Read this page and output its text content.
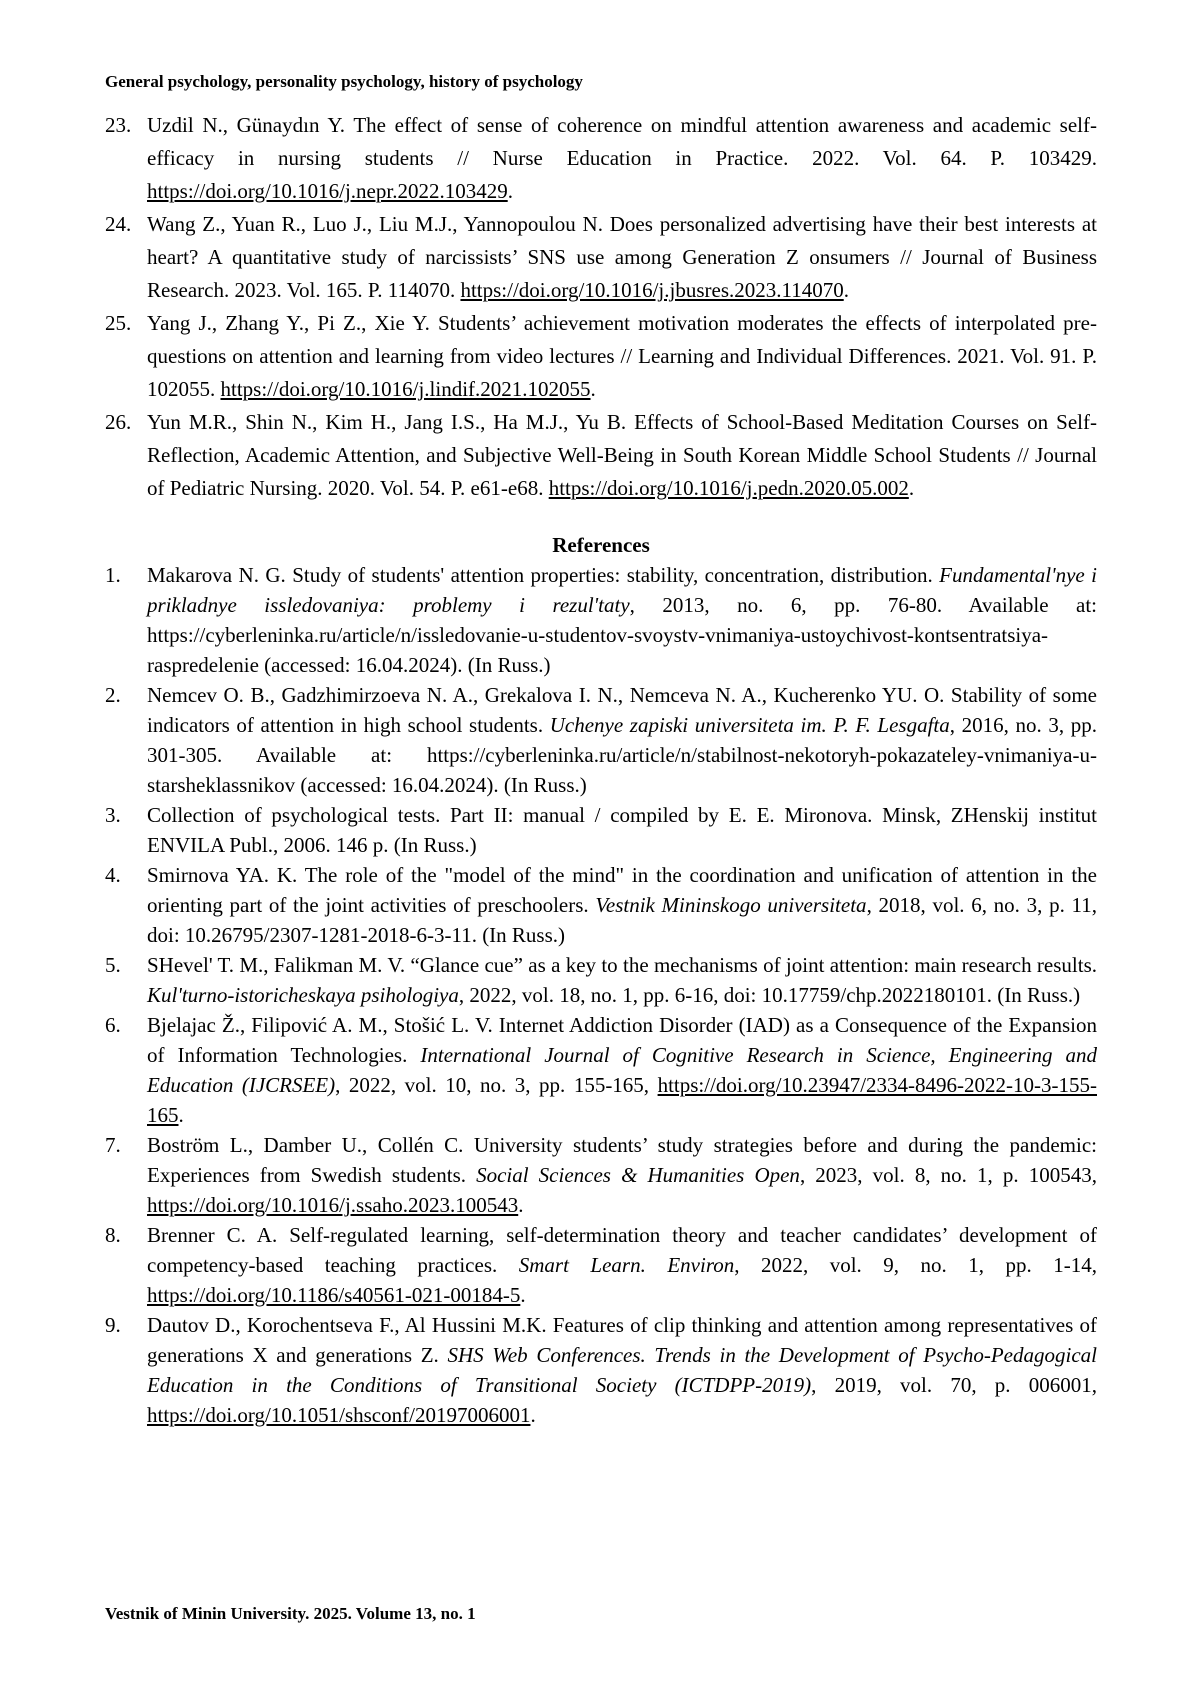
General psychology, personality psychology, history of psychology
23. Uzdil N., Günaydın Y. The effect of sense of coherence on mindful attention awareness and academic self-efficacy in nursing students // Nurse Education in Practice. 2022. Vol. 64. P. 103429. https://doi.org/10.1016/j.nepr.2022.103429.
24. Wang Z., Yuan R., Luo J., Liu M.J., Yannopoulou N. Does personalized advertising have their best interests at heart? A quantitative study of narcissists’ SNS use among Generation Z onsumers // Journal of Business Research. 2023. Vol. 165. P. 114070. https://doi.org/10.1016/j.jbusres.2023.114070.
25. Yang J., Zhang Y., Pi Z., Xie Y. Students’ achievement motivation moderates the effects of interpolated pre-questions on attention and learning from video lectures // Learning and Individual Differences. 2021. Vol. 91. P. 102055. https://doi.org/10.1016/j.lindif.2021.102055.
26. Yun M.R., Shin N., Kim H., Jang I.S., Ha M.J., Yu B. Effects of School-Based Meditation Courses on Self-Reflection, Academic Attention, and Subjective Well-Being in South Korean Middle School Students // Journal of Pediatric Nursing. 2020. Vol. 54. P. e61-e68. https://doi.org/10.1016/j.pedn.2020.05.002.
References
1. Makarova N. G. Study of students' attention properties: stability, concentration, distribution. Fundamental'nye i prikladnye issledovaniya: problemy i rezul'taty, 2013, no. 6, pp. 76-80. Available at: https://cyberleninka.ru/article/n/issledovanie-u-studentov-svoystv-vnimaniya-ustoychivost-kontsentratsiya-raspredelenie (accessed: 16.04.2024). (In Russ.)
2. Nemcev O. B., Gadzhimirzoeva N. A., Grekalova I. N., Nemceva N. A., Kucherenko YU. O. Stability of some indicators of attention in high school students. Uchenye zapiski universiteta im. P. F. Lesgafta, 2016, no. 3, pp. 301-305. Available at: https://cyberleninka.ru/article/n/stabilnost-nekotoryh-pokazateley-vnimaniya-u-starsheklassnikov (accessed: 16.04.2024). (In Russ.)
3. Collection of psychological tests. Part II: manual / compiled by E. E. Mironova. Minsk, ZHenskij institut ENVILA Publ., 2006. 146 p. (In Russ.)
4. Smirnova YA. K. The role of the "model of the mind" in the coordination and unification of attention in the orienting part of the joint activities of preschoolers. Vestnik Mininskogo universiteta, 2018, vol. 6, no. 3, p. 11, doi: 10.26795/2307-1281-2018-6-3-11. (In Russ.)
5. SHevel' T. M., Falikman M. V. “Glance cue” as a key to the mechanisms of joint attention: main research results. Kul'turno-istoricheskaya psihologiya, 2022, vol. 18, no. 1, pp. 6-16, doi: 10.17759/chp.2022180101. (In Russ.)
6. Bjelajac Ž., Filipović A. M., Stošić L. V. Internet Addiction Disorder (IAD) as a Consequence of the Expansion of Information Technologies. International Journal of Cognitive Research in Science, Engineering and Education (IJCRSEE), 2022, vol. 10, no. 3, pp. 155-165, https://doi.org/10.23947/2334-8496-2022-10-3-155-165.
7. Boström L., Damber U., Collén C. University students’ study strategies before and during the pandemic: Experiences from Swedish students. Social Sciences & Humanities Open, 2023, vol. 8, no. 1, p. 100543, https://doi.org/10.1016/j.ssaho.2023.100543.
8. Brenner C. A. Self-regulated learning, self-determination theory and teacher candidates’ development of competency-based teaching practices. Smart Learn. Environ, 2022, vol. 9, no. 1, pp. 1-14, https://doi.org/10.1186/s40561-021-00184-5.
9. Dautov D., Korochentseva F., Al Hussini M.K. Features of clip thinking and attention among representatives of generations X and generations Z. SHS Web Conferences. Trends in the Development of Psycho-Pedagogical Education in the Conditions of Transitional Society (ICTDPP-2019), 2019, vol. 70, p. 006001, https://doi.org/10.1051/shsconf/20197006001.
Vestnik of Minin University. 2025. Volume 13, no. 1
